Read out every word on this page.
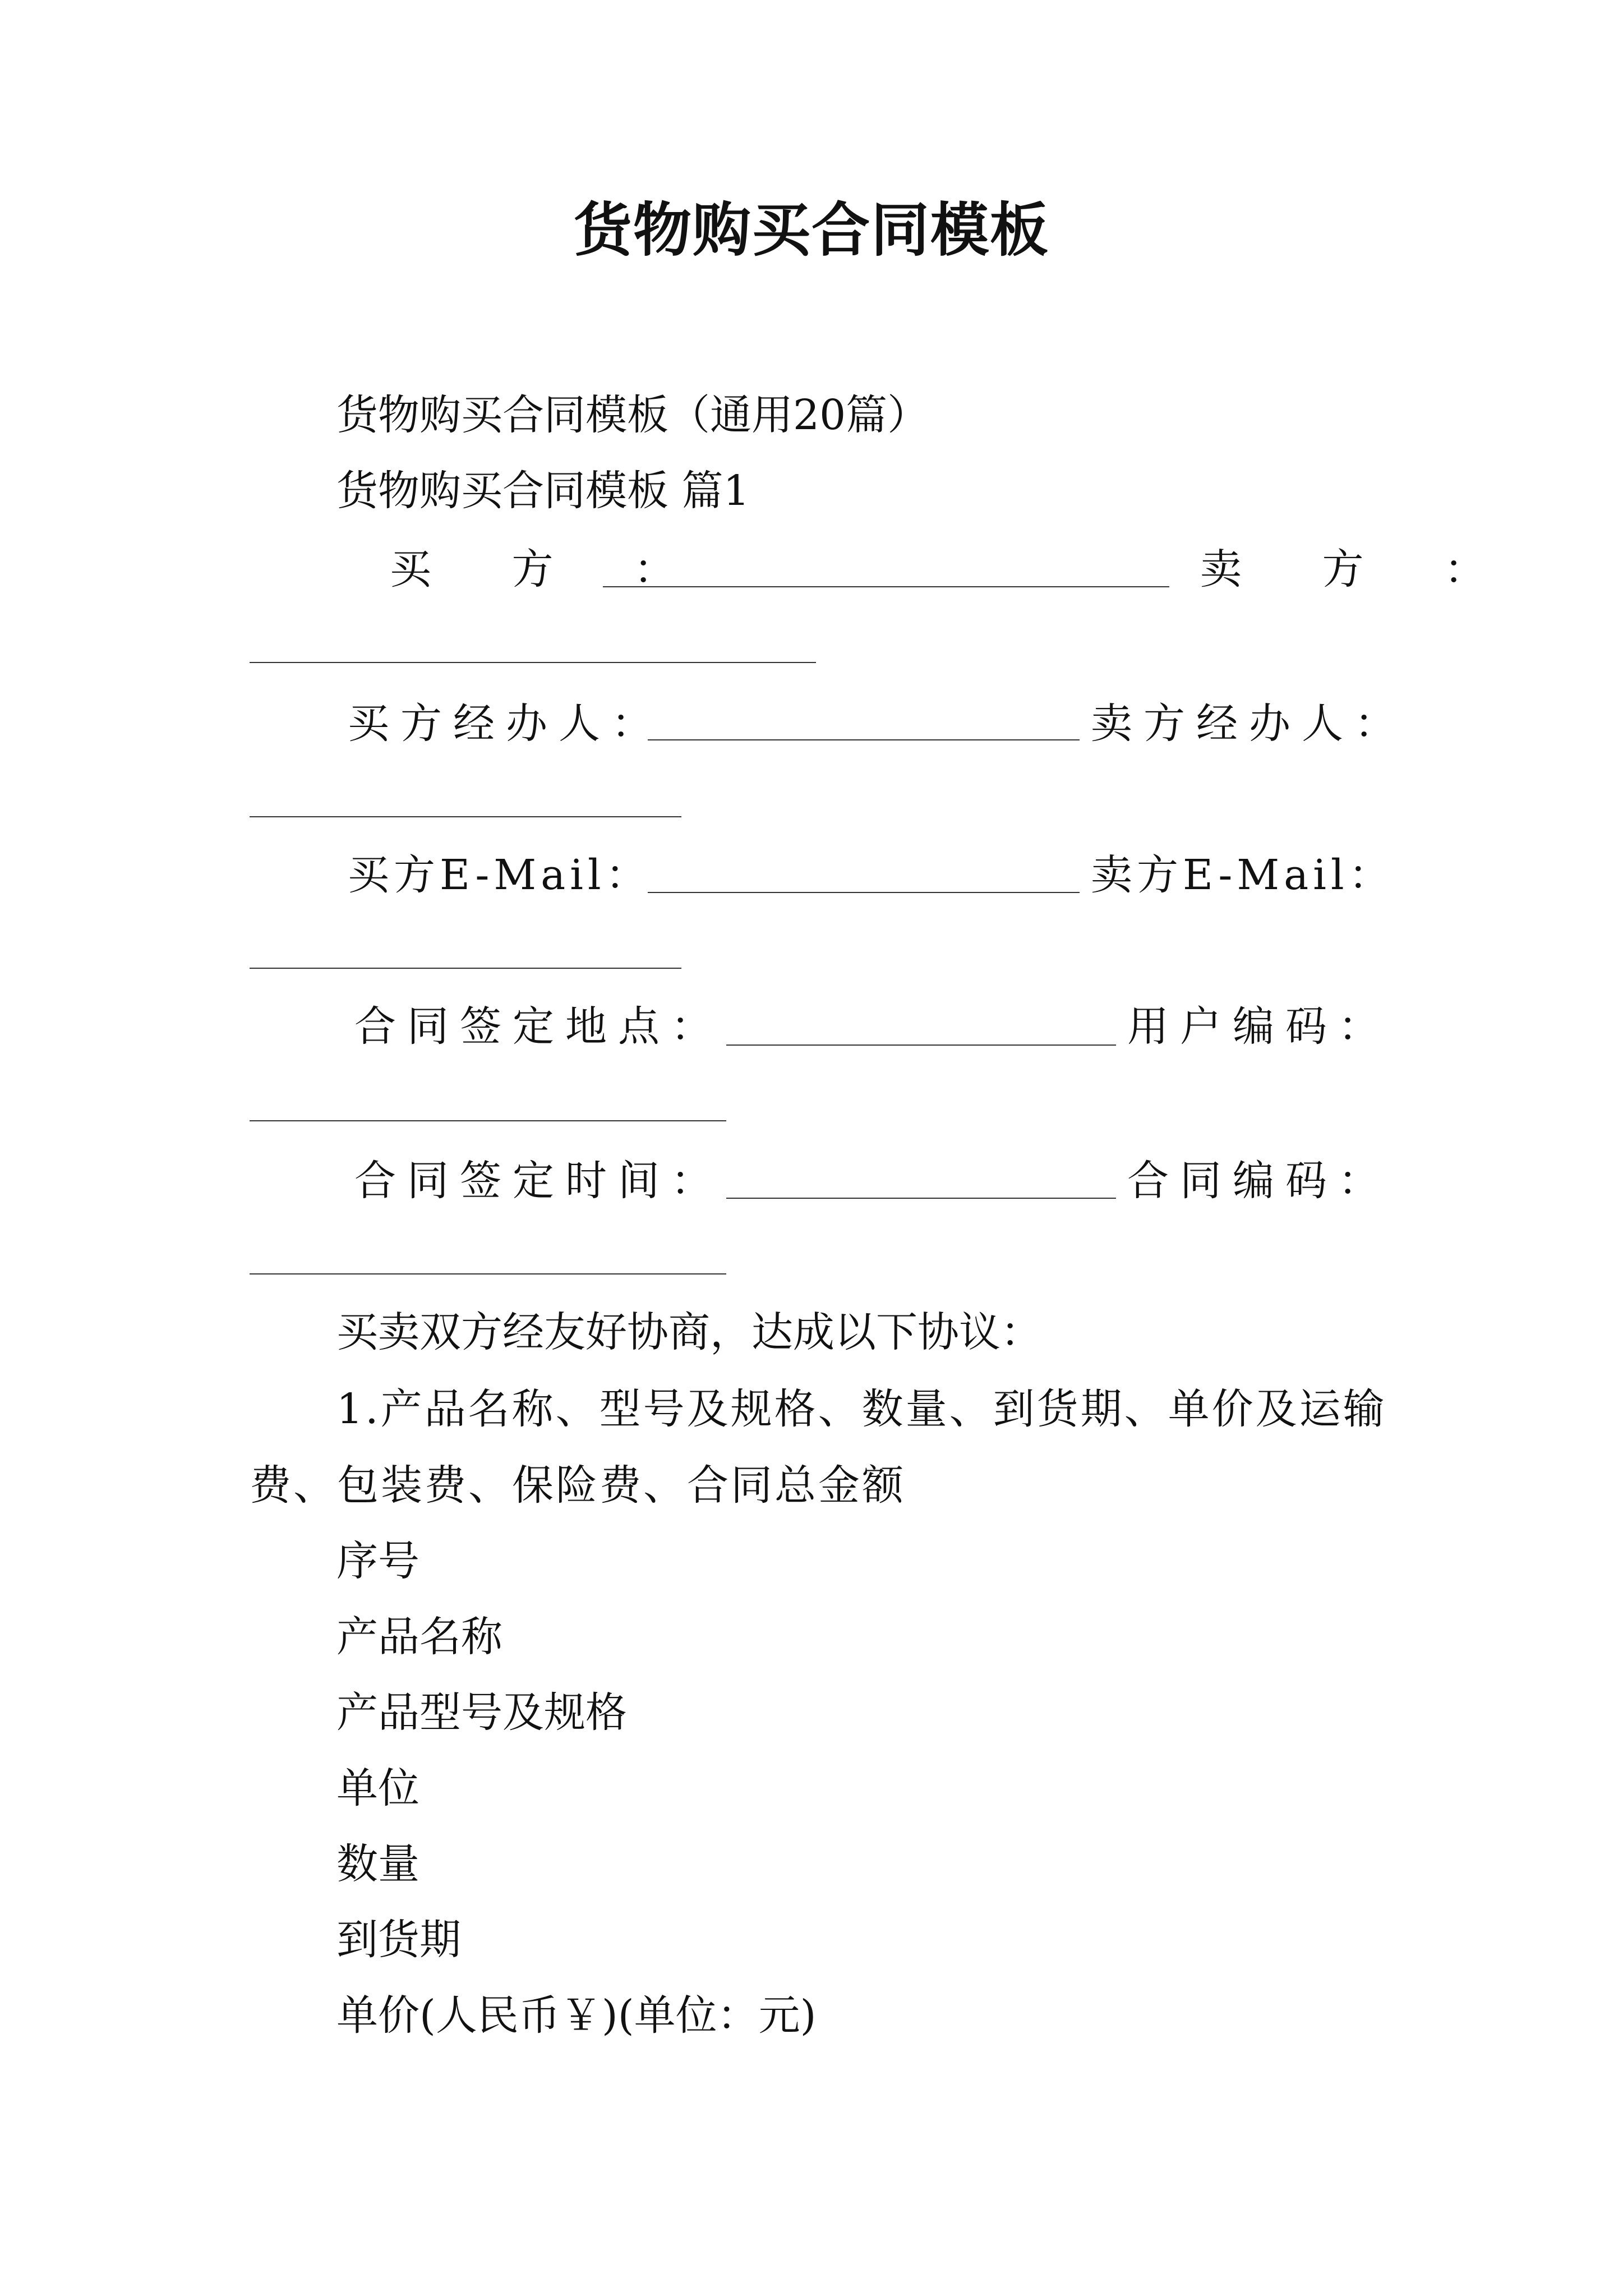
货物购买合同模板
货物购买合同模板（通用20篇）
货物购买合同模板 篇1
买 方 ：	卖 方 ：
买方经办人：	卖方经办人：
买方E-Mail：	卖方E-Mail：
合同签定地点：	用户编码：
合同签定时间：	合同编码：
买卖双方经友好协商，达成以下协议：
1.产品名称、型号及规格、数量、到货期、单价及运输
费、包装费、保险费、合同总金额
序号
产品名称
产品型号及规格
单位
数量
到货期
单价(人民币￥)(单位：元)
